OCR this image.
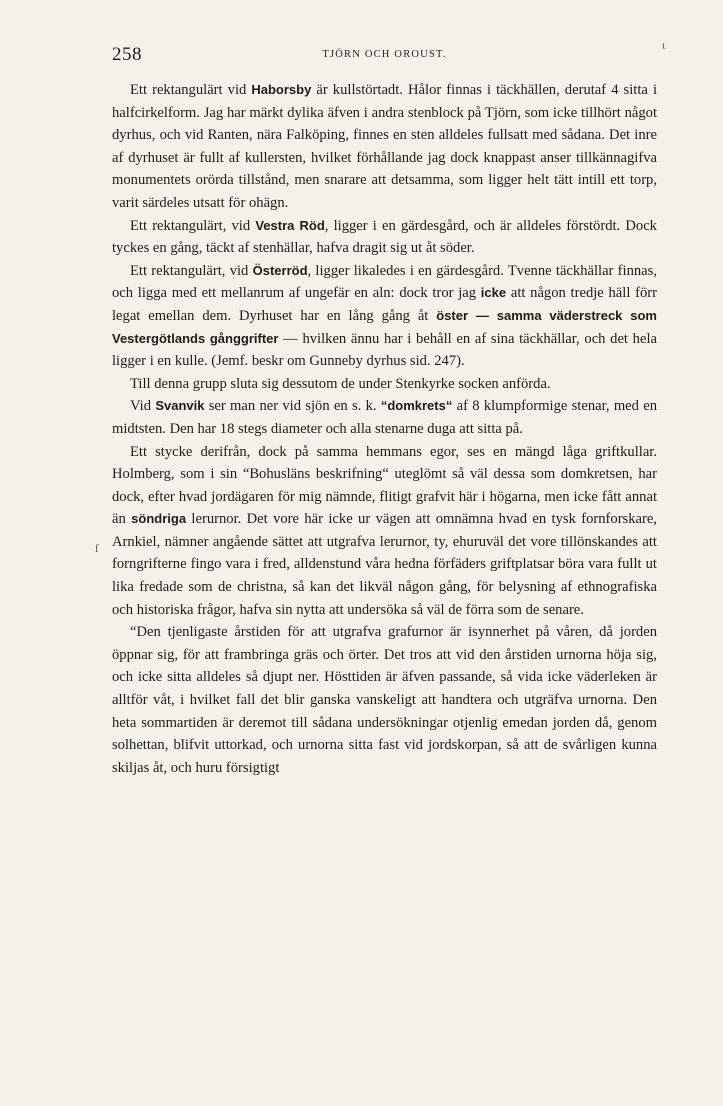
ι
ſ
258	TJÖRN OCH OROUST.

Ett rektangulärt vid Haborsby är kullstörtadt. Hålor finnas i täckhällen, derutaf 4 sitta i halfcirkelform. Jag har märkt dylika äfven i andra stenblock på Tjörn, som icke tillhört något dyrhus, och vid Ranten, nära Falköping, finnes en sten alldeles fullsatt med sådana. Det inre af dyrhuset är fullt af kullersten, hvilket förhållande jag dock knappast anser tillkännagifva monumentets orörda tillstånd, men snarare att detsamma, som ligger helt tätt intill ett torp, varit särdeles utsatt för ohägn.

Ett rektangulärt, vid Vestra Röd, ligger i en gärdesgård, och är alldeles förstördt. Dock tyckes en gång, täckt af stenhällar, hafva dragit sig ut åt söder.

Ett rektangulärt, vid Österröd, ligger likaledes i en gärdesgård. Tvenne täckhällar finnas, och ligga med ett mellanrum af ungefär en aln: dock tror jag icke att någon tredje häll förr legat emellan dem. Dyrhuset har en lång gång åt öster — samma väderstreck som Vestergötlands gånggrifter — hvilken ännu har i behåll en af sina täckhällar, och det hela ligger i en kulle. (Jemf. beskr om Gunneby dyrhus sid. 247).

Till denna grupp sluta sig dessutom de under Stenkyrke socken anförda.

Vid Svanvik ser man ner vid sjön en s. k. “domkrets“ af 8 klumpformige stenar, med en midtsten. Den har 18 stegs diameter och alla stenarne duga att sitta på.

Ett stycke derifrån, dock på samma hemmans egor, ses en mängd låga griftkullar. Holmberg, som i sin “Bohusläns beskrifning“ uteglömt så väl dessa som domkretsen, har dock, efter hvad jordägaren för mig nämnde, flitigt grafvit här i högarna, men icke fått annat än söndriga lerurnor. Det vore här icke ur vägen att omnämna hvad en tysk fornforskare, Arnkiel, nämner angående sättet att utgrafva lerurnor, ty, ehuruväl det vore tillönskandes att forngrifterne fingo vara i fred, alldenstund våra hedna förfäders griftplatsar böra vara fullt ut lika fredade som de christna, så kan det likväl någon gång, för belysning af ethnografiska och historiska frågor, hafva sin nytta att undersöka så väl de förra som de senare.

“Den tjenligaste årstiden för att utgrafva grafurnor är isynnerhet på våren, då jorden öppnar sig, för att frambringa gräs och örter. Det tros att vid den årstiden urnorna höja sig, och icke sitta alldeles så djupt ner. Hösttiden är äfven passande, så vida icke väderleken är alltför våt, i hvilket fall det blir ganska vanskeligt att handtera och utgräfva urnorna. Den heta sommartiden är deremot till sådana undersökningar otjenlig emedan jorden då, genom solhettan, blifvit uttorkad, och urnorna sitta fast vid jordskorpan, så att de svårligen kunna skiljas åt, och huru försigtigt
